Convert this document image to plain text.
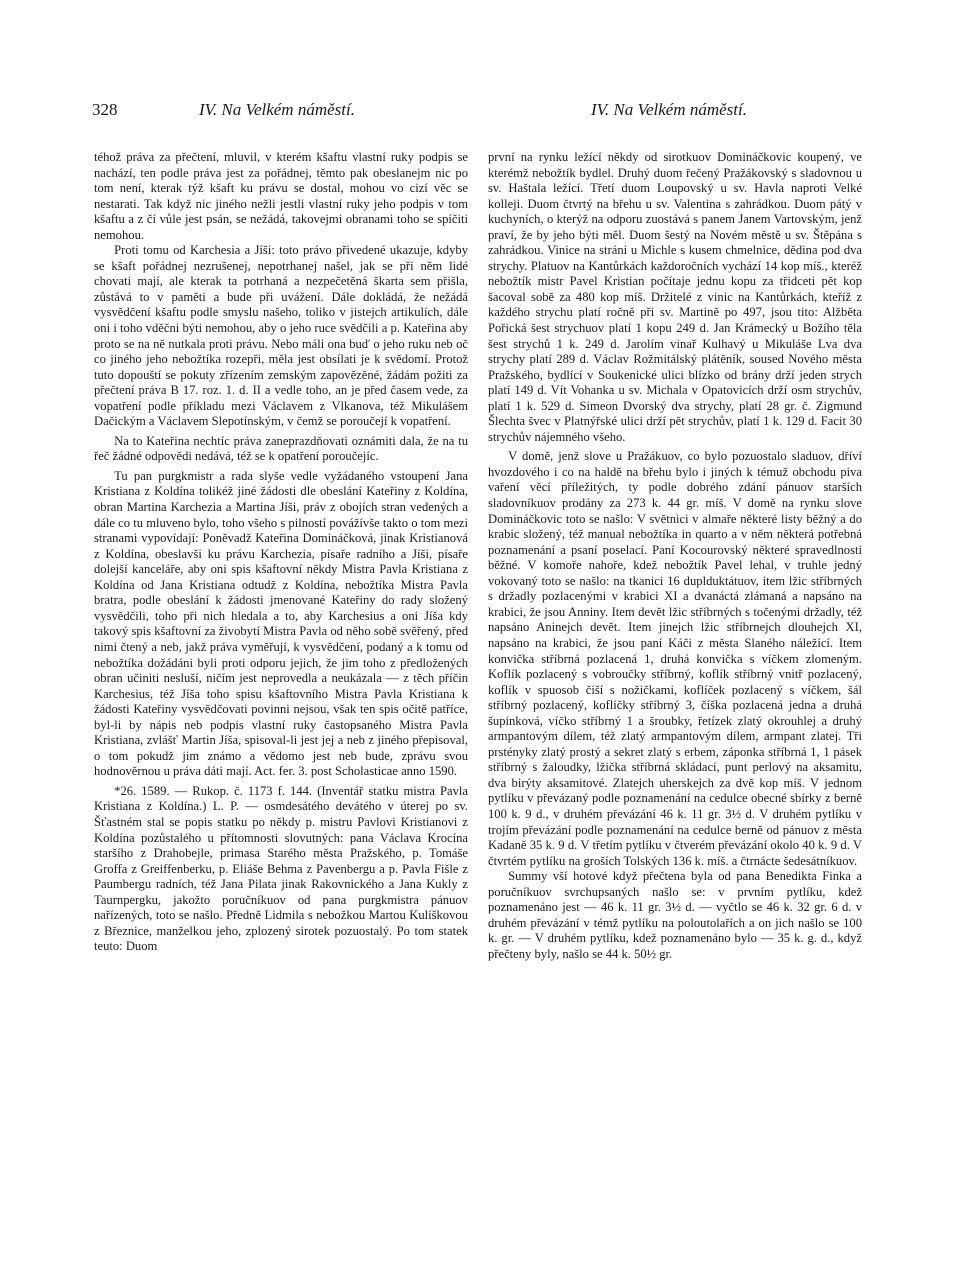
328	IV. Na Velkém náměstí.	IV. Na Velkém náměstí.

téhož práva za přečtení, mluvil, v kterém kšaftu vlastní ruky podpis se nachází, ten podle práva jest za pořádnej, těmto pak obeslanejm nic po tom není, kterak týž kšaft ku právu se dostal, mohou vo cizí věc se nestarati. Tak když nic jiného nežli jestli vlastní ruky jeho podpis v tom kšaftu a z čí vůle jest psán, se nežádá, takovejmi obranami toho se spíčiti nemohou.

Proti tomu od Karchesia a Jíši: toto právo přivedené ukazuje, kdyby se kšaft pořádnej nezrušenej, nepotrhanej našel, jak se při něm lidé chovati mají, ale kterak ta potrhaná a nezpečetěná škarta sem přišla, zůstává to v paměti a bude při uvážení. Dále dokládá, že nežádá vysvědčení kšaftu podle smyslu našeho, toliko v jistejch artikulích, dále oni i toho vděčni býti nemohou, aby o jeho ruce svědčili a p. Kateřina aby proto se na ně nutkala proti právu. Nebo máli ona buď o jeho ruku neb oč co jiného jeho nebožtíka rozepři, měla jest obsílati je k svědomí. Protož tuto dopouští se pokuty zřízením zemským zapovězěné, žádám požiti za přečtení práva B 17. roz. 1. d. II a vedle toho, an je před časem vede, za vopatření podle příkladu mezi Václavem z Vlkanova, též Mikulášem Dačickým a Václavem Slepotínským, v čemž se poroučejí k vopatření.

Na to Kateřina nechtíc práva zaneprazdňovati oznámiti dala, že na tu řeč žádné odpovědi nedává, též se k opatření poroučejíc.

Tu pan purgkmistr a rada slyše vedle vyžádaného vstoupení Jana Kristiana z Koldína tolikéž jiné žádosti dle obeslání Kateřiny z Koldína, obran Martina Karchezia a Martina Jíši, práv z obojích stran vedených a dále co tu mluveno bylo, toho všeho s pilností povážívše takto o tom mezi stranami vypovídají: Poněvadž Kateřina Domináčková, jinak Kristianová z Koldína, obeslavši ku právu Karchezia, písaře radního a Jíši, písaře dolejší kanceláře, aby oni spis kšaftovní někdy Mistra Pavla Kristiana z Koldína od Jana Kristiana odtudž z Koldína, nebožtíka Mistra Pavla bratra, podle obeslání k žádosti jmenované Kateřiny do rady složený vysvědčili, toho při nich hledala a to, aby Karchesius a oni Jíša kdy takový spis kšaftovní za živobytí Mistra Pavla od něho sobě svěřený, před nimi čtený a neb, jakž práva vyměřují, k vysvědčení, podaný a k tomu od nebožtíka dožádáni byli proti odporu jejich, že jim toho z předložených obran učiniti nesluší, ničím jest neprovedla a neukázala — z těch příčin Karchesius, též Jíša toho spisu kšaftovního Mistra Pavla Kristiana k žádosti Kateřiny vysvědčovati povinni nejsou, však ten spis očitě patříce, byl-li by nápis neb podpis vlastní ruky častopsaného Mistra Pavla Kristiana, zvlášť Martin Jíša, spisoval-li jest jej a neb z jiného přepisoval, o tom pokudž jim známo a vědomo jest neb bude, zprávu svou hodnověrnou u práva dáti mají. Act. fer. 3. post Scholasticae anno 1590.

*26. 1589. — Rukop. č. 1173 f. 144. (Inventář statku mistra Pavla Kristiana z Koldína.) L. P. — osmdesátého devátého v úterej po sv. Šťastném stal se popis statku po někdy p. mistru Pavlovi Kristianovi z Koldína pozůstalého u přítomnosti slovutných: pana Václava Krocína staršího z Drahobejle, primasa Starého města Pražského, p. Tomáše Groffa z Greiffenberku, p. Eliáše Behma z Pavenbergu a p. Pavla Fišle z Paumbergu radních, též Jana Pilata jinak Rakovnického a Jana Kukly z Taurnpergku, jakožto poručníkuov od pana purgkmistra pánuov nařízených, toto se našlo. Předně Lidmila s nebožkou Martou Kulíškovou z Březnice, manželkou jeho, zplozený sirotek pozuostalý. Po tom statek teuto: Duom

první na rynku ležící někdy od sirotkuov Domináčkovic koupený, ve kterémž nebožtík bydlel. Druhý duom řečený Pražákovský s sladovnou u sv. Haštala ležící. Třetí duom Loupovský u sv. Havla naproti Velké kolleji. Duom čtvrtý na břehu u sv. Valentina s zahrádkou. Duom pátý v kuchyních, o kterýž na odporu zuostává s panem Janem Vartovským, jenž praví, že by jeho býti měl. Duom šestý na Novém městě u sv. Štěpána s zahrádkou. Vinice na stráni u Michle s kusem chmelnice, dědina pod dva strychy. Platuov na Kantůrkách každoročních vychází 14 kop míš., kteréž nebožtík mistr Pavel Kristian počítaje jednu kopu za třidceti pět kop šacoval sobě za 480 kop míš. Držitelé z vinic na Kantůrkách, kteříž z každého strychu platí ročně při sv. Martině po 497, jsou tito: Alžběta Pořická šest strychuov platí 1 kopu 249 d. Jan Krámecký u Božího těla šest strychů 1 k. 249 d. Jarolím vinař Kulhavý u Mikuláše Lva dva strychy platí 289 d. Václav Rožmitálský plátěník, soused Nového města Pražského, bydlící v Soukenické ulici blízko od brány drží jeden strych platí 149 d. Vít Vohanka u sv. Michala v Opatovicích drží osm strychův, platí 1 k. 529 d. Simeon Dvorský dva strychy, platí 28 gr. č. Zigmund Šlechta švec v Platnýřské ulici drží pět strychův, platí 1 k. 129 d. Facit 30 strychův nájemného všeho.

V domě, jenž slove u Pražákuov, co bylo pozuostalo sladuov, dříví hvozdového i co na haldě na břehu bylo i jiných k témuž obchodu piva vaření věcí příležitých, ty podle dobrého zdání pánuov starších sladovníkuov prodány za 273 k. 44 gr. míš. V domě na rynku slove Domináčkovic toto se našlo: V světnici v almaře některé listy běžný a do krabic složený, též manual nebožtíka in quarto a v něm některá potřebná poznamenání a psaní poselací. Paní Kocourovský některé spravedlnosti běžné. V komoře nahoře, kdež nebožtík Pavel lehal, v truhle jedný vokovaný toto se našlo: na tkanici 16 duplduktátuov, item lžic stříbrných s držadly pozlacenými v krabici XI a dvanáctá zlámaná a napsáno na krabici, že jsou Anniny. Item devět lžic stříbrných s točenými držadly, též napsáno Aninejch devět. Item jinejch lžic stříbrnejch dlouhejch XI, napsáno na krabici, že jsou paní Káči z města Slaného náležící. Item konvička stříbrná pozlacená 1, druhá konvička s víčkem zlomeným. Koflík pozlacený s vobroučky stříbrný, koflík stříbrný vnitř pozlacený, koflík v spuosob čiší s nožičkami, koflíček pozlacený s víčkem, šál stříbrný pozlacený, koflíčky stříbrný 3, číška pozlacená jedna a druhá šupinková, víčko stříbrný 1 a šroubky, řetízek zlatý okrouhlej a druhý armpantovým dílem, též zlatý armpantovým dílem, armpant zlatej. Tři prstényky zlatý prostý a sekret zlatý s erbem, záponka stříbrná 1, 1 pásek stříbrný s žaloudky, lžička stříbrná skládací, punt perlový na aksamitu, dva birýty aksamitové. Zlatejch uherskejch za dvě kop míš. V jednom pytlíku v převázaný podle poznamenání na cedulce obecné sbírky z berně 100 k. 9 d., v druhém převázání 46 k. 11 gr. 3½ d. V druhém pytlíku v trojím převázání podle poznamenání na cedulce berně od pánuov z města Kadaně 35 k. 9 d. V třetím pytlíku v čtverém převázání okolo 40 k. 9 d. V čtvrtém pytlíku na groších Tolských 136 k. míš. a čtrnácte šedesátníkuov.

Summy vší hotové když přečtena byla od pana Benedikta Finka a poručníkuov svrchupsaných našlo se: v prvním pytlíku, kdež poznamenáno jest — 46 k. 11 gr. 3½ d. — vyčtlo se 46 k. 32 gr. 6 d. v druhém převázání v témž pytlíku na poloutolařích a on jich našlo se 100 k. gr. — V druhém pytlíku, kdež poznamenáno bylo — 35 k. g. d., když přečteny byly, našlo se 44 k. 50½ gr.
